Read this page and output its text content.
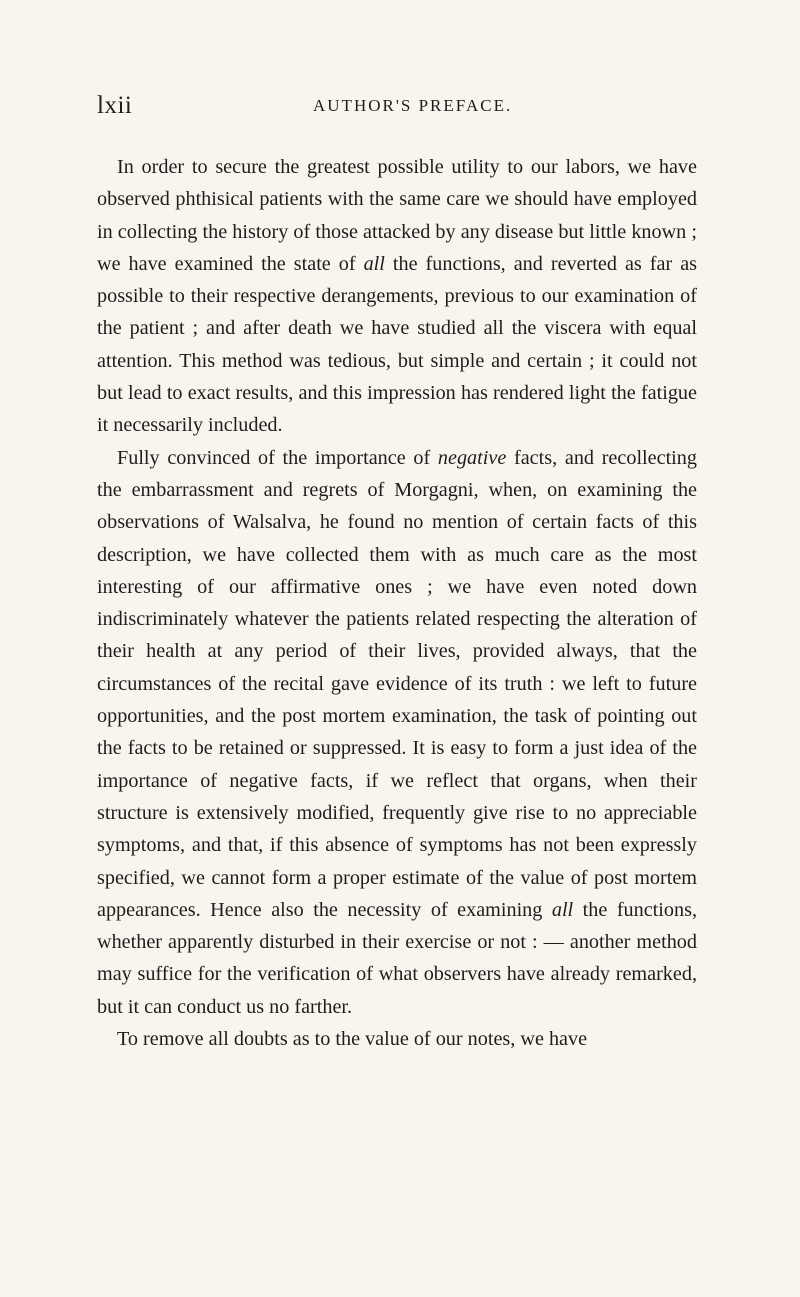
lxii	AUTHOR'S PREFACE.

In order to secure the greatest possible utility to our labors, we have observed phthisical patients with the same care we should have employed in collecting the history of those attacked by any disease but little known ; we have examined the state of all the functions, and reverted as far as possible to their respective derangements, previous to our examination of the patient ; and after death we have studied all the viscera with equal attention. This method was tedious, but simple and certain ; it could not but lead to exact results, and this impression has rendered light the fatigue it necessarily included.

Fully convinced of the importance of negative facts, and recollecting the embarrassment and regrets of Morgagni, when, on examining the observations of Walsalva, he found no mention of certain facts of this description, we have collected them with as much care as the most interesting of our affirmative ones ; we have even noted down indiscriminately whatever the patients related respecting the alteration of their health at any period of their lives, provided always, that the circumstances of the recital gave evidence of its truth : we left to future opportunities, and the post mortem examination, the task of pointing out the facts to be retained or suppressed. It is easy to form a just idea of the importance of negative facts, if we reflect that organs, when their structure is extensively modified, frequently give rise to no appreciable symptoms, and that, if this absence of symptoms has not been expressly specified, we cannot form a proper estimate of the value of post mortem appearances. Hence also the necessity of examining all the functions, whether apparently disturbed in their exercise or not : — another method may suffice for the verification of what observers have already remarked, but it can conduct us no farther.

To remove all doubts as to the value of our notes, we have
